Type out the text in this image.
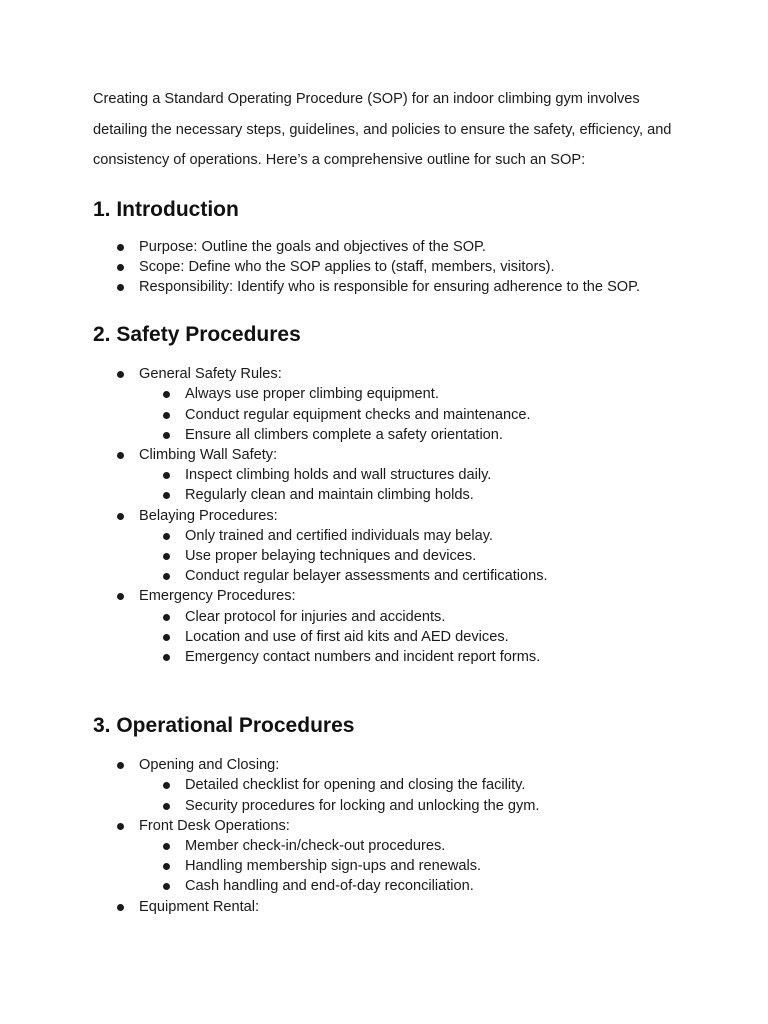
Creating a Standard Operating Procedure (SOP) for an indoor climbing gym involves detailing the necessary steps, guidelines, and policies to ensure the safety, efficiency, and consistency of operations. Here’s a comprehensive outline for such an SOP:

1. Introduction
Purpose: Outline the goals and objectives of the SOP.
Scope: Define who the SOP applies to (staff, members, visitors).
Responsibility: Identify who is responsible for ensuring adherence to the SOP.
2. Safety Procedures
General Safety Rules:
Always use proper climbing equipment.
Conduct regular equipment checks and maintenance.
Ensure all climbers complete a safety orientation.
Climbing Wall Safety:
Inspect climbing holds and wall structures daily.
Regularly clean and maintain climbing holds.
Belaying Procedures:
Only trained and certified individuals may belay.
Use proper belaying techniques and devices.
Conduct regular belayer assessments and certifications.
Emergency Procedures:
Clear protocol for injuries and accidents.
Location and use of first aid kits and AED devices.
Emergency contact numbers and incident report forms.
3. Operational Procedures
Opening and Closing:
Detailed checklist for opening and closing the facility.
Security procedures for locking and unlocking the gym.
Front Desk Operations:
Member check-in/check-out procedures.
Handling membership sign-ups and renewals.
Cash handling and end-of-day reconciliation.
Equipment Rental:
